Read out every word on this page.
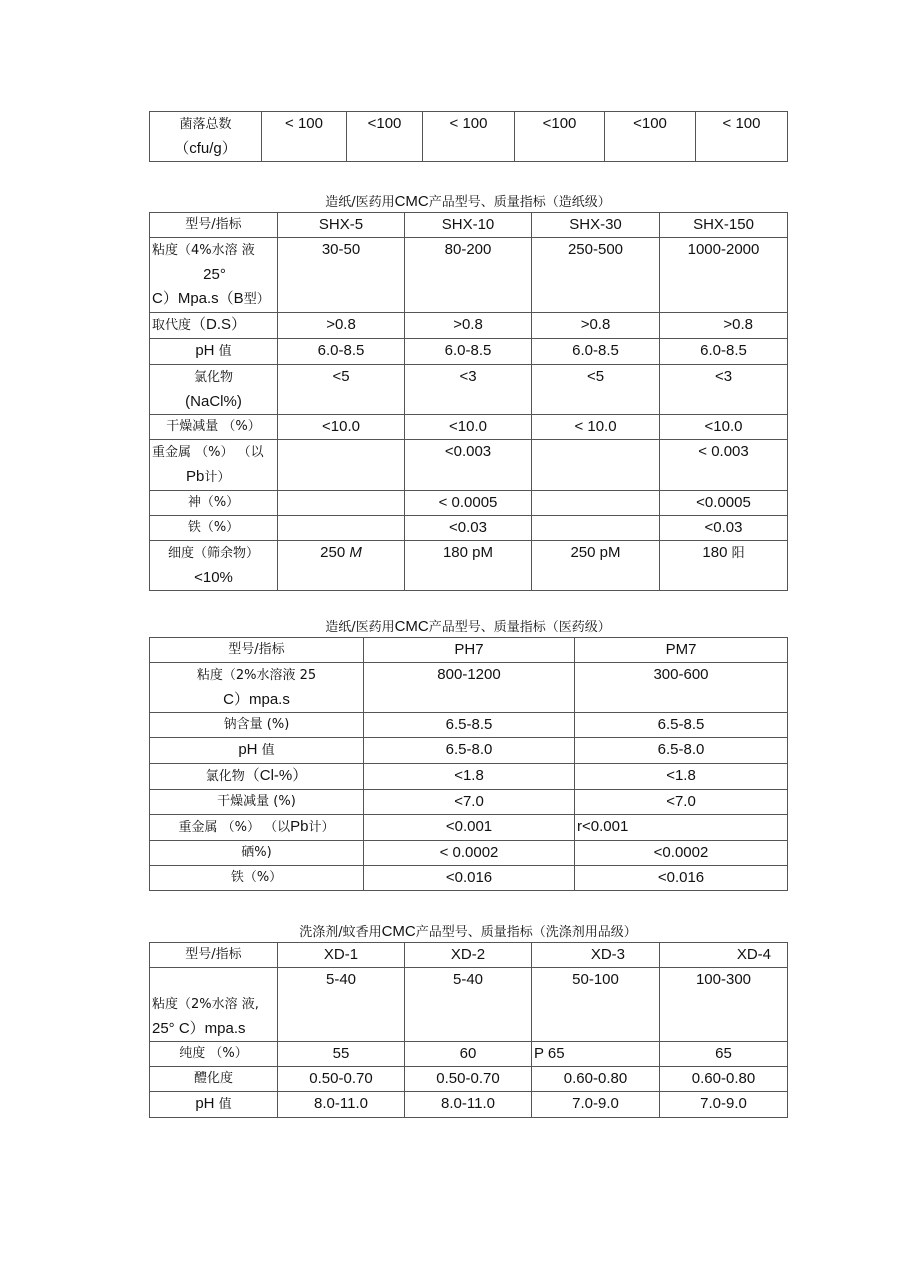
菌落总数
（cfu/g）	< 100	<100	< 100	<100	<100	< 100
造纸/医药用CMC产品型号、质量指标（造纸级）
型号/指标	SHX-5	SHX-10	SHX-30	SHX-150
粘度（4%水溶 液

25°
C）Mpa.s（B型）	30-50	80-200	250-500	1000-2000
取代度（D.S）	>0.8	>0.8	>0.8	>0.8
pH 值	6.0-8.5	6.0-8.5	6.0-8.5	6.0-8.5
氯化物
(NaCl%)	<5	<3	<5	<3
干燥减量 （%）	<10.0	<10.0	< 10.0	<10.0
重金属 （%） （以
Pb计）		<0.003		< 0.003
神（%）		< 0.0005		<0.0005
铁（%）		<0.03		<0.03
细度（筛余物）
<10%	250 M	180 pM	250 pM	180 阳
造纸/医药用CMC产品型号、质量指标（医药级）
型号/指标	PH7	PM7
粘度（2%水溶液 25
C）mpa.s	800-1200	300-600
钠含量 (%)	6.5-8.5	6.5-8.5
pH 值	6.5-8.0	6.5-8.0
氯化物（Cl-%）	<1.8	<1.8
干燥减量 (%)	<7.0	<7.0
重金属 （%） （以Pb计）	<0.001	r<0.001
硒%)	< 0.0002	<0.0002
铁（%）	<0.016	<0.016
洗涤剂/蚊香用CMC产品型号、质量指标（洗涤剂用品级）
型号/指标	XD-1	XD-2	XD-3	XD-4
粘度（2%水溶 液,
25° C）mpa.s	5-40	5-40	50-100	100-300
纯度 （%）	55	60	P 65	65
醴化度	0.50-0.70	0.50-0.70	0.60-0.80	0.60-0.80
pH 值	8.0-11.0	8.0-11.0	7.0-9.0	7.0-9.0
